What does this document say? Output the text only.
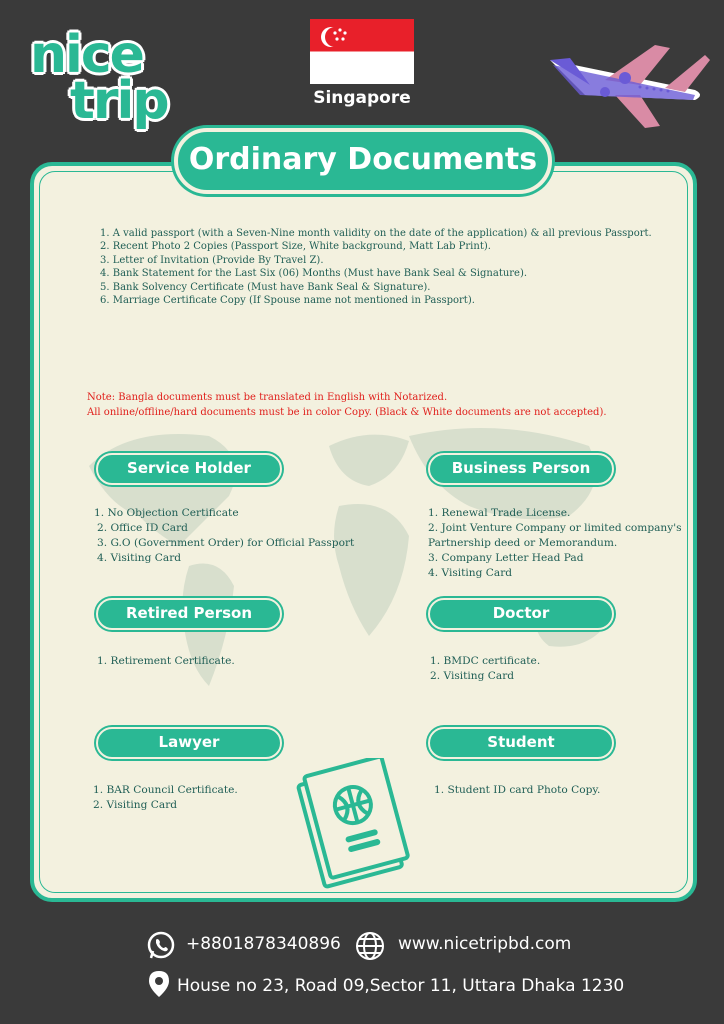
nice
trip	Singapore
Ordinary Documents
1. A valid passport (with a Seven-Nine month validity on the date of the application) & all previous Passport.
2. Recent Photo 2 Copies (Passport Size, White background, Matt Lab Print).
3. Letter of Invitation (Provide By Travel Z).
4. Bank Statement for the Last Six (06) Months (Must have Bank Seal & Signature).
5. Bank Solvency Certificate (Must have Bank Seal & Signature).
6. Marriage Certificate Copy (If Spouse name not mentioned in Passport).
Note: Bangla documents must be translated in English with Notarized.
All online/offline/hard documents must be in color Copy. (Black & White documents are not accepted).
Service Holder	Business Person
Retired Person	Doctor
Lawyer	Student
1. No Objection Certificate
2. Office ID Card
3. G.O (Government Order) for Official Passport
4. Visiting Card
1. Renewal Trade License.
2. Joint Venture Company or limited company's
Partnership deed or Memorandum.
3. Company Letter Head Pad
4. Visiting Card
1. Retirement Certificate.	1. BMDC certificate.
2. Visiting Card
1. BAR Council Certificate.
2. Visiting Card
1. Student ID card Photo Copy.
+8801878340896	www.nicetripbd.com
House no 23, Road 09,Sector 11, Uttara Dhaka 1230
